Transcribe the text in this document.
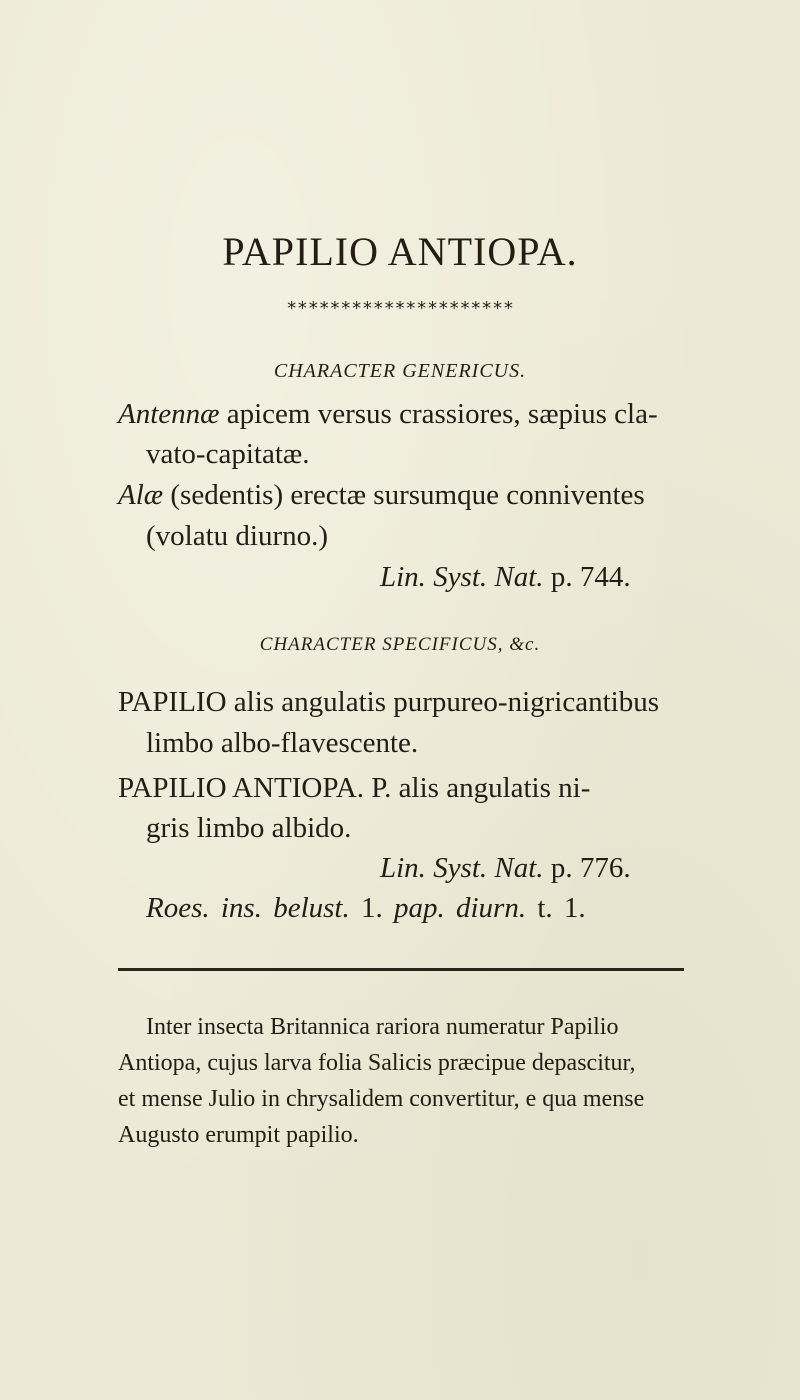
PAPILIO ANTIOPA.
*********************
CHARACTER GENERICUS.
Antennæ apicem versus crassiores, sæpius cla-
vato-capitatæ.
Alæ (sedentis) erectæ sursumque conniventes
(volatu diurno.)
Lin. Syst. Nat. p. 744.
CHARACTER SPECIFICUS, &c.
PAPILIO alis angulatis purpureo-nigricantibus
limbo albo-flavescente.
PAPILIO ANTIOPA. P. alis angulatis ni-
gris limbo albido.
Lin. Syst. Nat. p. 776.
Roes. ins. belust. 1. pap. diurn. t. 1.
Inter insecta Britannica rariora numeratur Papilio
Antiopa, cujus larva folia Salicis præcipue depascitur,
et mense Julio in chrysalidem convertitur, e qua mense
Augusto erumpit papilio.
